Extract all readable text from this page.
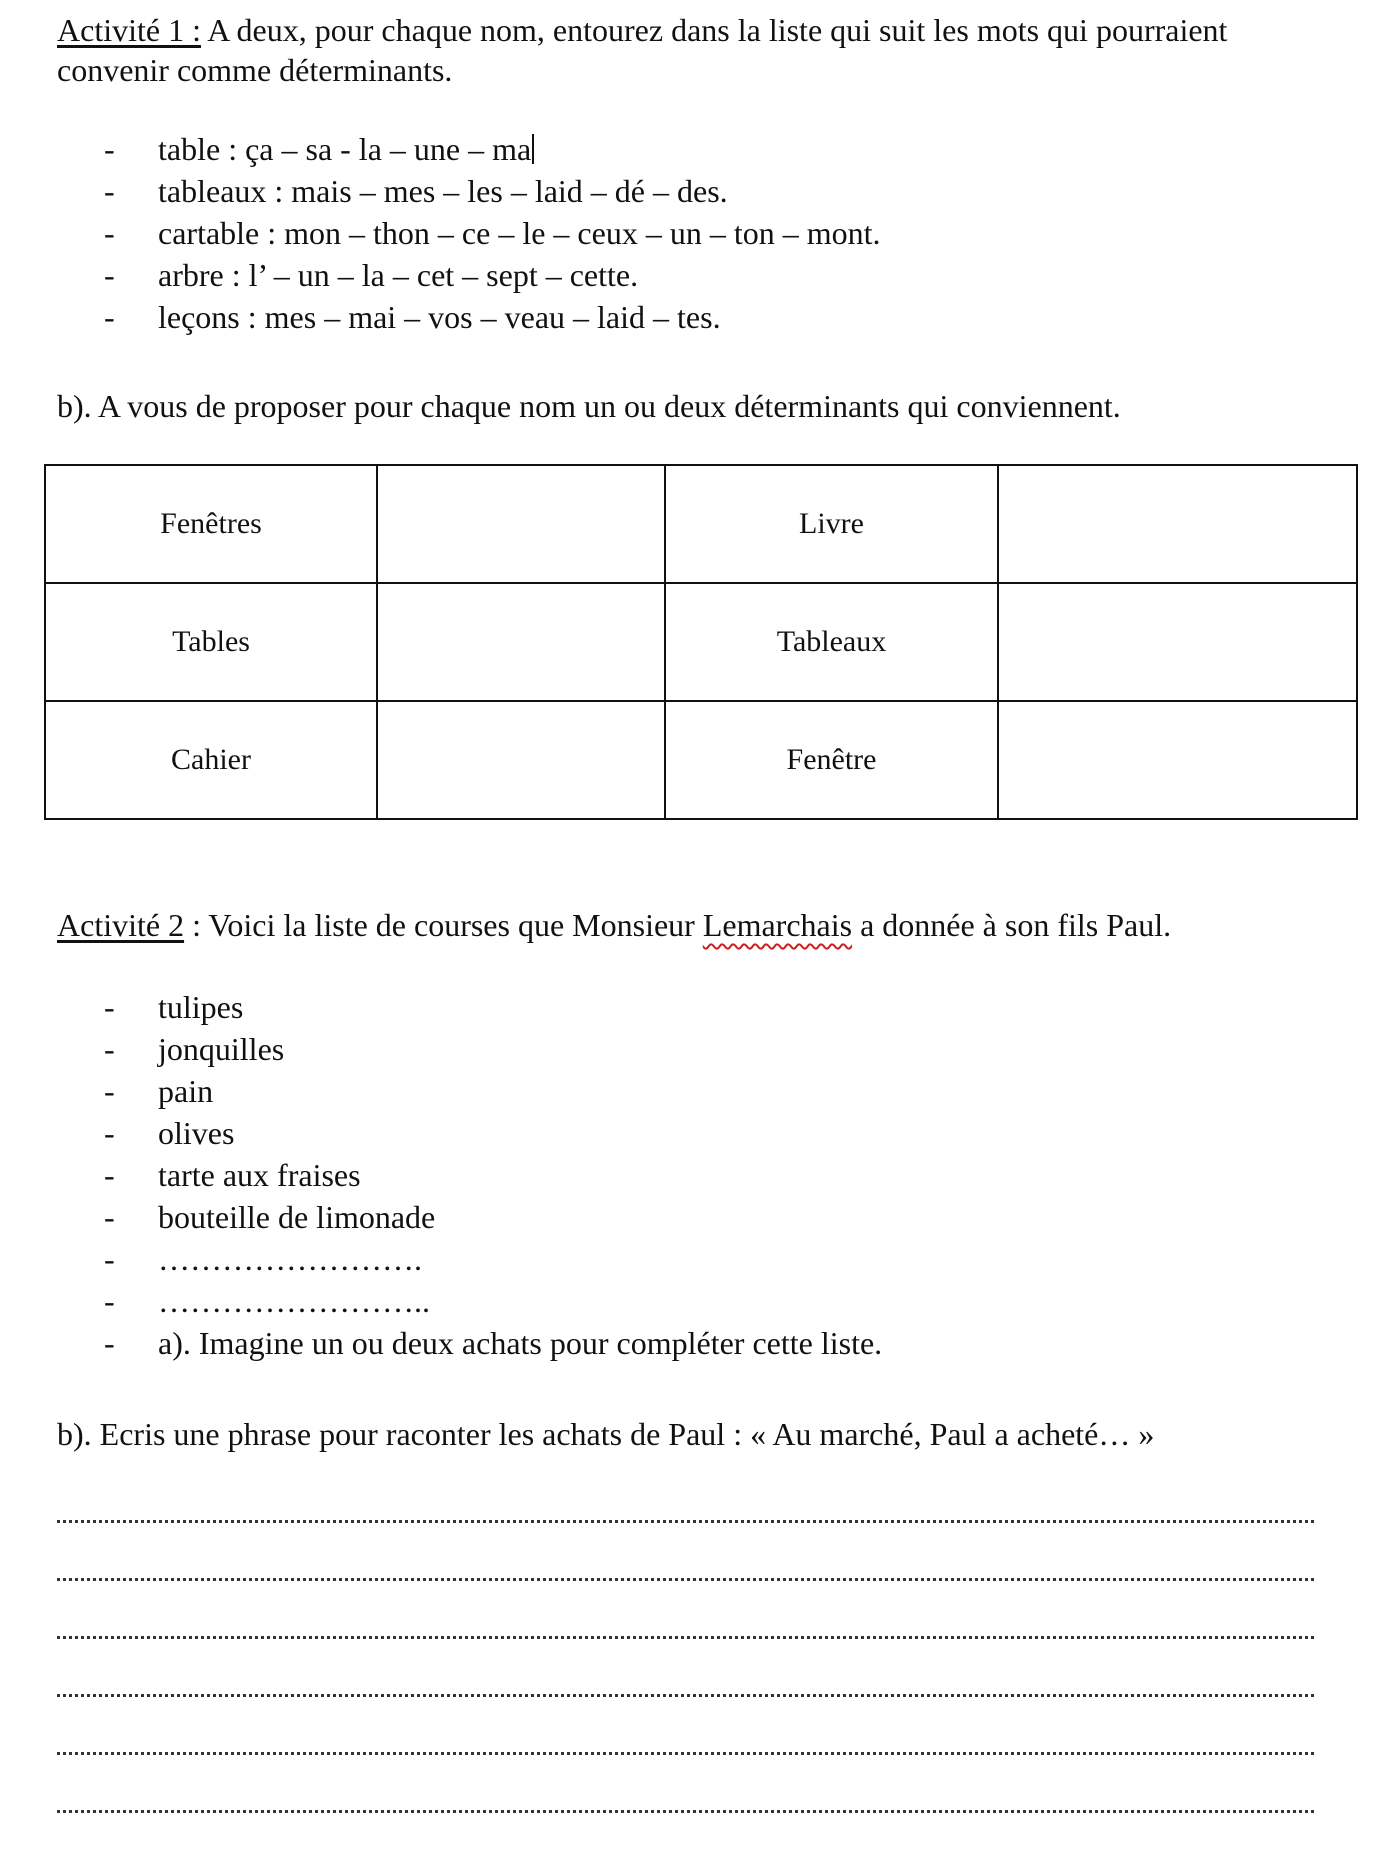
Activité 1 : A deux, pour chaque nom, entourez dans la liste qui suit les mots qui pourraient convenir comme déterminants.
- table : ça – sa - la – une – ma
- tableaux : mais – mes – les – laid – dé – des.
- cartable : mon – thon – ce – le – ceux – un – ton – mont.
- arbre : l’ – un – la – cet – sept – cette.
- leçons : mes – mai – vos – veau – laid – tes.
b). A vous de proposer pour chaque nom un ou deux déterminants qui conviennent.
Fenêtres		Livre	
Tables		Tableaux	
Cahier		Fenêtre	
Activité 2 : Voici la liste de courses que Monsieur Lemarchais a donnée à son fils Paul.
- tulipes
- jonquilles
- pain
- olives
- tarte aux fraises
- bouteille de limonade
- …………………….
- ……………………..
- a). Imagine un ou deux achats pour compléter cette liste.
b). Ecris une phrase pour raconter les achats de Paul : « Au marché, Paul a acheté… »
